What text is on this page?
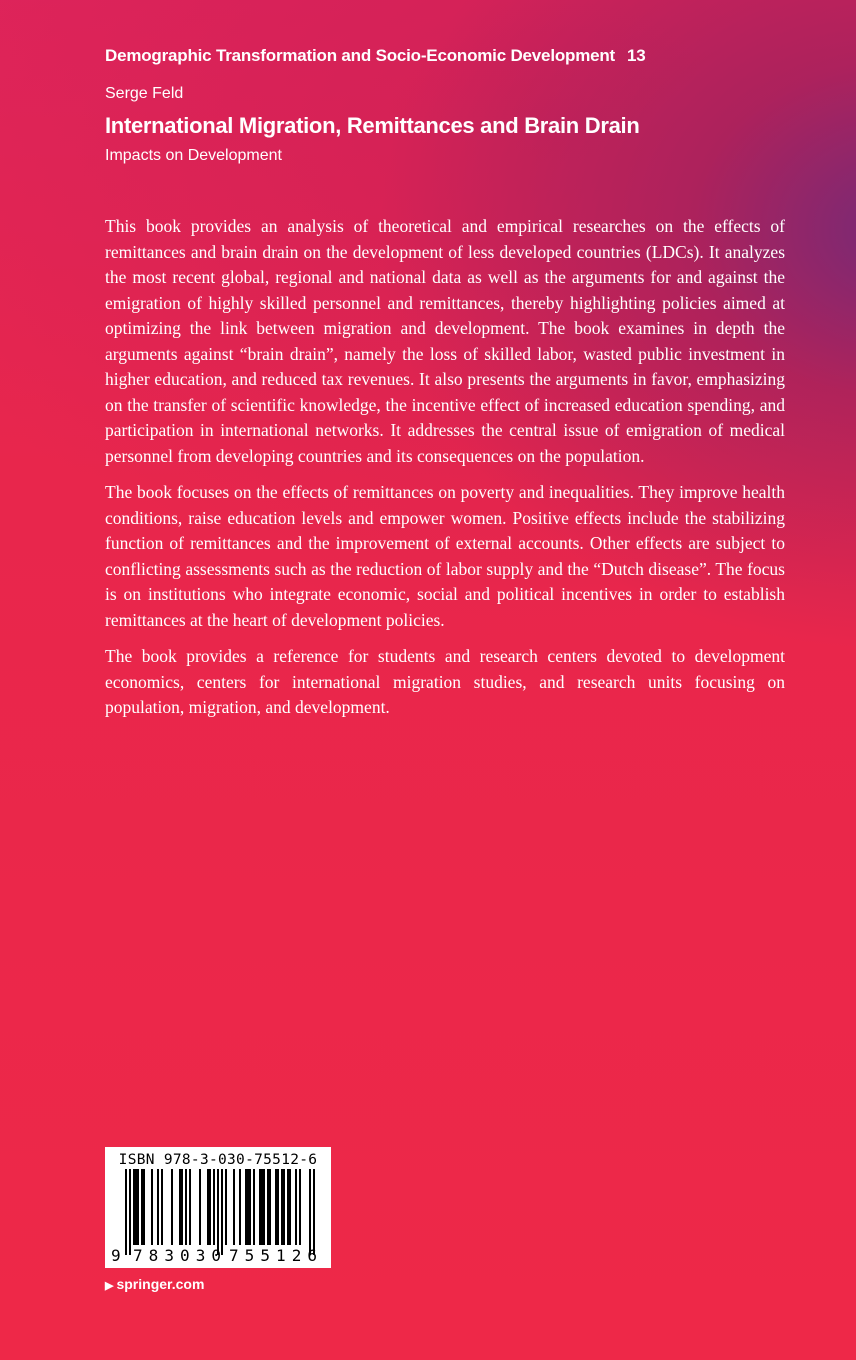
Demographic Transformation and Socio-Economic Development 13
Serge Feld
International Migration, Remittances and Brain Drain
Impacts on Development

This book provides an analysis of theoretical and empirical researches on the effects of remittances and brain drain on the development of less developed countries (LDCs). It analyzes the most recent global, regional and national data as well as the arguments for and against the emigration of highly skilled personnel and remittances, thereby highlighting policies aimed at optimizing the link between migration and development. The book examines in depth the arguments against “brain drain”, namely the loss of skilled labor, wasted public investment in higher education, and reduced tax revenues. It also presents the arguments in favor, emphasizing on the transfer of scientific knowledge, the incentive effect of increased education spending, and participation in international networks. It addresses the central issue of emigration of medical personnel from developing countries and its consequences on the population.

The book focuses on the effects of remittances on poverty and inequalities. They improve health conditions, raise education levels and empower women. Positive effects include the stabilizing function of remittances and the improvement of external accounts. Other effects are subject to conflicting assessments such as the reduction of labor supply and the “Dutch disease”. The focus is on institutions who integrate economic, social and political incentives in order to establish remittances at the heart of development policies.

The book provides a reference for students and research centers devoted to development economics, centers for international migration studies, and research units focusing on population, migration, and development.

ISBN 978-3-030-75512-6
9 783030 755126
▶ springer.com
